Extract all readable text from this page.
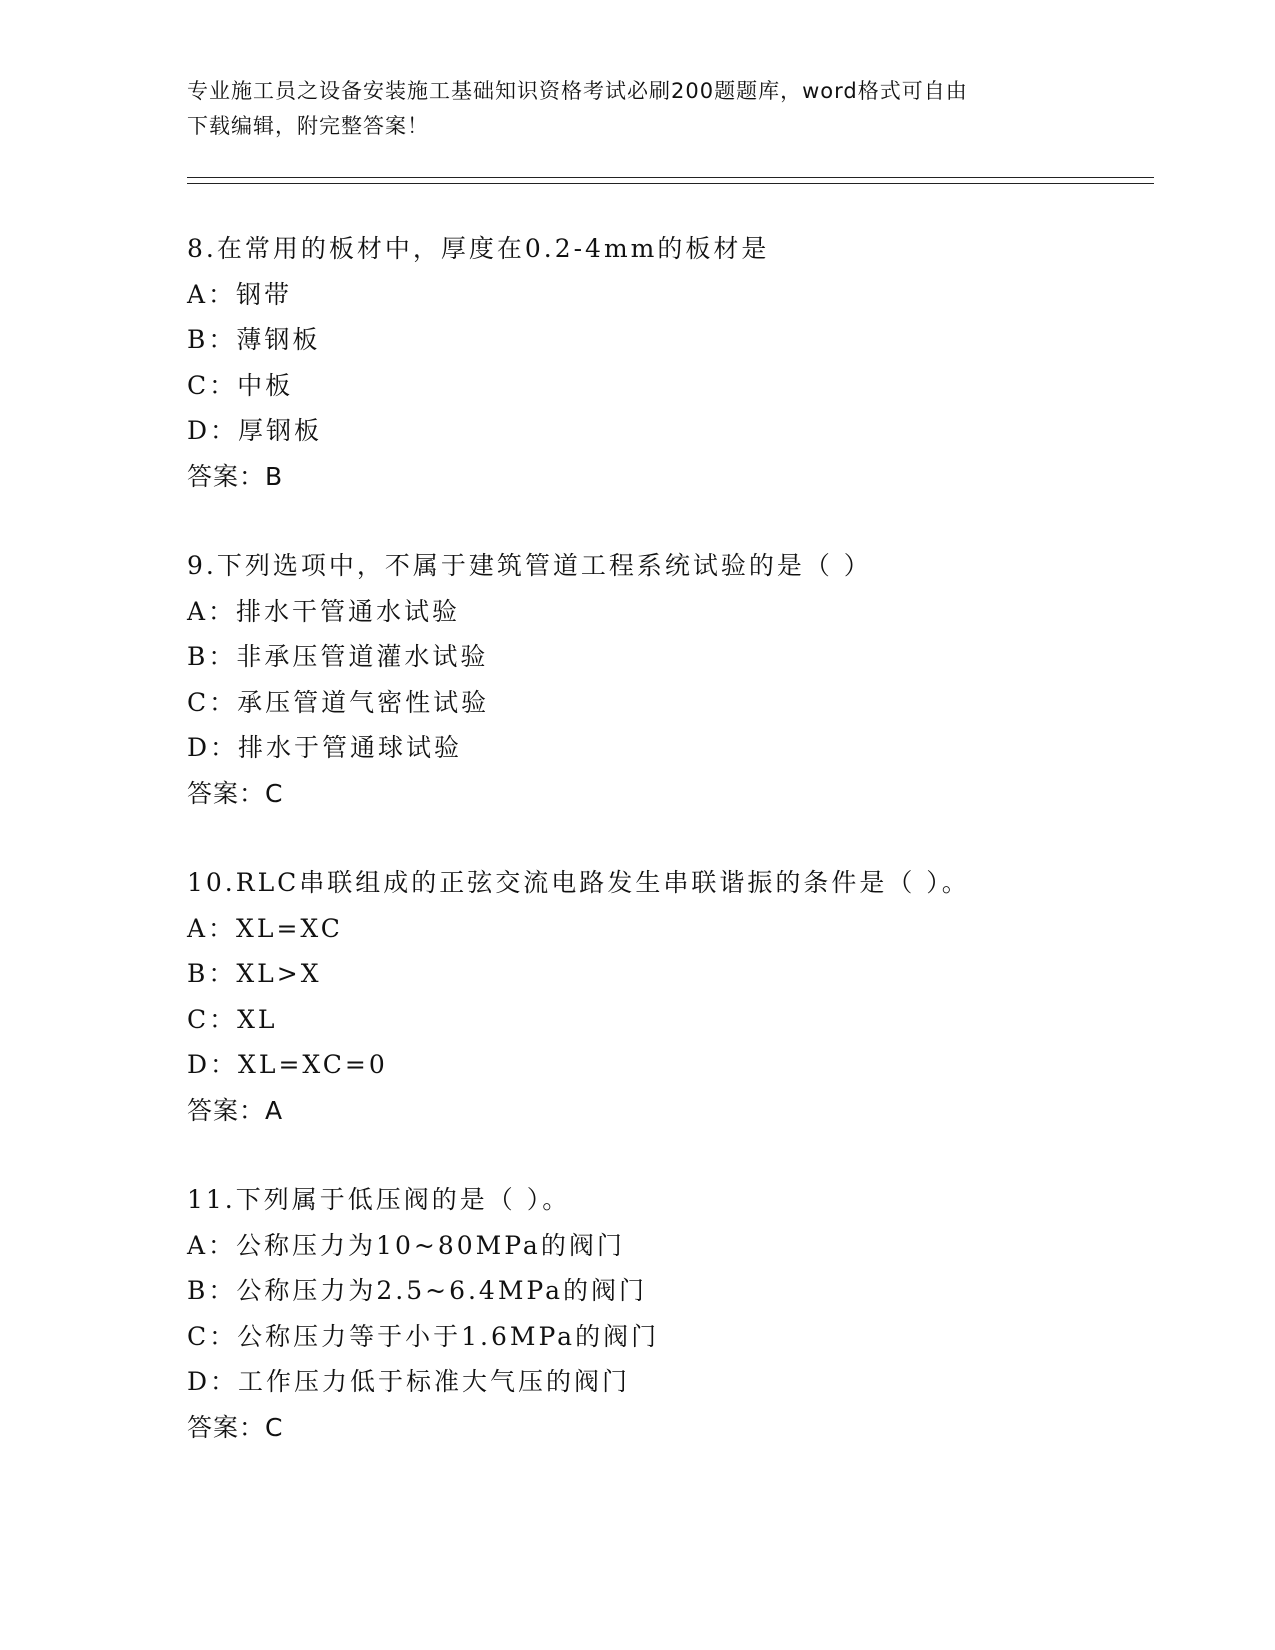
专业施工员之设备安装施工基础知识资格考试必刷200题题库，word格式可自由
下载编辑，附完整答案！
8.在常用的板材中，厚度在0.2-4mm的板材是
A：钢带
B：薄钢板
C：中板
D：厚钢板
答案：B
9.下列选项中，不属于建筑管道工程系统试验的是（ ）
A：排水干管通水试验
B：非承压管道灌水试验
C：承压管道气密性试验
D：排水于管通球试验
答案：C
10.RLC串联组成的正弦交流电路发生串联谐振的条件是（ ）。
A：XL=XC
B：XL>X
C：XL
D：XL=XC=0
答案：A
11.下列属于低压阀的是（ ）。
A：公称压力为10~80MPa的阀门
B：公称压力为2.5~6.4MPa的阀门
C：公称压力等于小于1.6MPa的阀门
D：工作压力低于标准大气压的阀门
答案：C
